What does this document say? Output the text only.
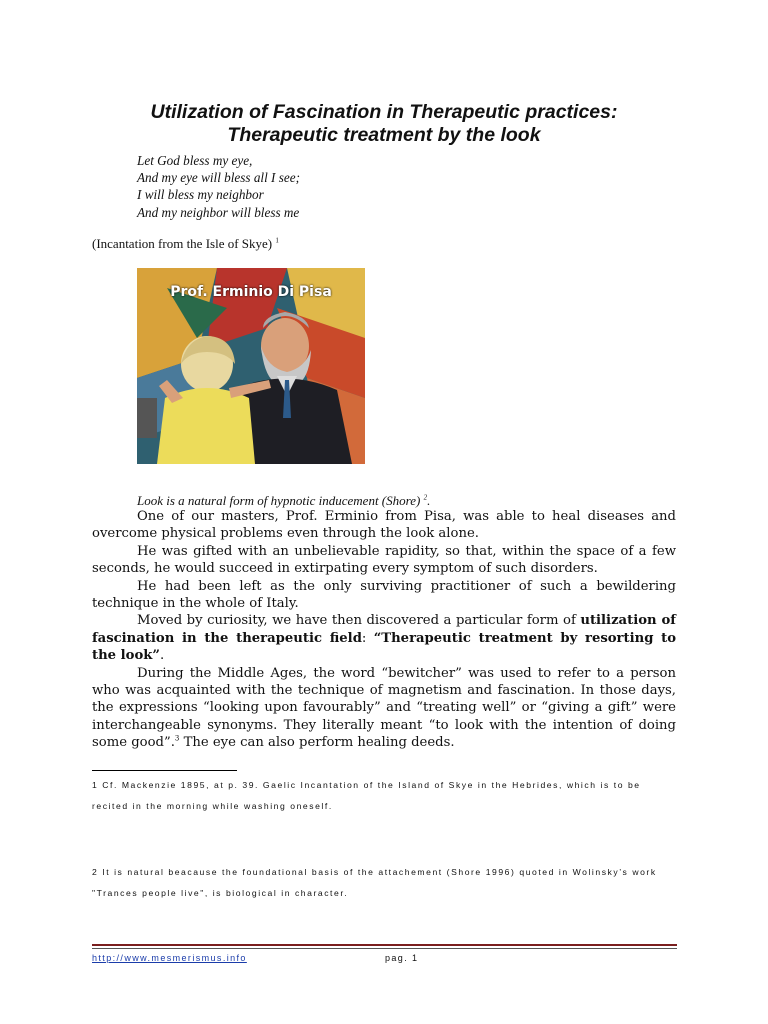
Utilization of Fascination in Therapeutic practices:
Therapeutic treatment by the look
Let God bless my eye,
And my eye will bless all I see;
I will bless my neighbor
And my neighbor will bless me
(Incantation from the Isle of Skye) $^1$
Prof. Erminio Di Pisa
Look is a natural form of hypnotic inducement (Shore) $^2$.

One of our masters, Prof. Erminio from Pisa, was able to heal diseases and overcome physical problems even through the look alone.

He was gifted with an unbelievable rapidity, so that, within the space of a few seconds, he would succeed in extirpating every symptom of such disorders.

He had been left as the only surviving practitioner of such a bewildering technique in the whole of Italy.

Moved by curiosity, we have then discovered a particular form of utilization of fascination in the therapeutic field: “Therapeutic treatment by resorting to the look”.

During the Middle Ages, the word “bewitcher” was used to refer to a person who was acquainted with the technique of magnetism and fascination. In those days, the expressions “looking upon favourably” and “treating well” or “giving a gift” were interchangeable synonyms. They literally meant “to look with the intention of doing some good”.$^3$ The eye can also perform healing deeds.

1 Cf. Mackenzie 1895, at p. 39. Gaelic Incantation of the Island of Skye in the Hebrides, which is to be recited in the morning while washing oneself.
2 It is natural beacause the foundational basis of the attachement (Shore 1996) quoted in Wolinsky’s work "Trances people live", is biological in character.
http://www.mesmerismus.info	pag. 1
